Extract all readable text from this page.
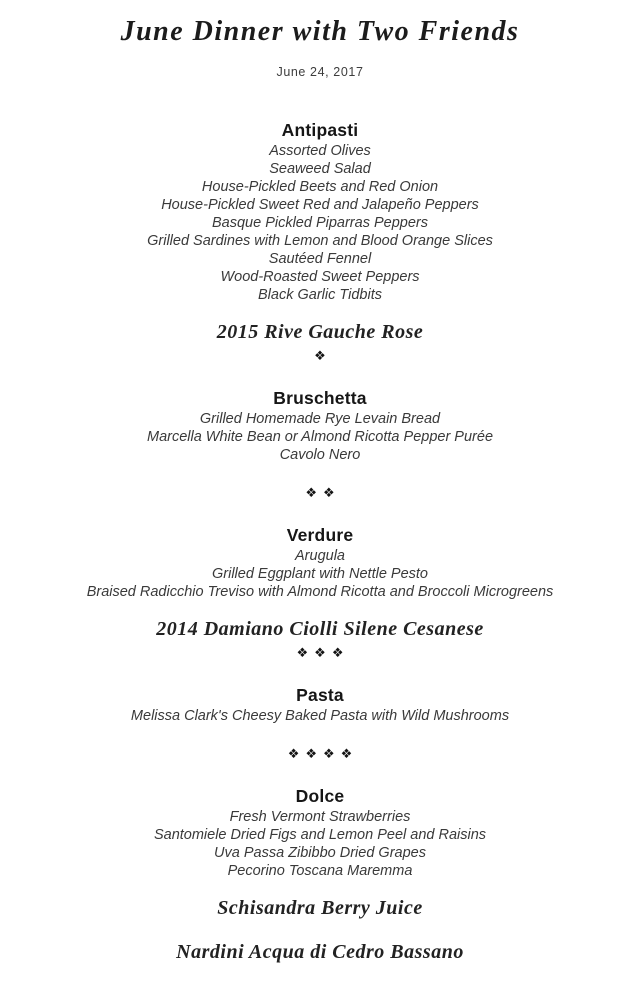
June Dinner with Two Friends

June 24, 2017

Antipasti

Assorted Olives

Seaweed Salad

House-Pickled Beets and Red Onion

House-Pickled Sweet Red and Jalapeño Peppers

Basque Pickled Piparras Peppers

Grilled Sardines with Lemon and Blood Orange Slices

Sautéed Fennel

Wood-Roasted Sweet Peppers

Black Garlic Tidbits

2015 Rive Gauche Rose

❖
Bruschetta

Grilled Homemade Rye Levain Bread

Marcella White Bean or Almond Ricotta Pepper Purée

Cavolo Nero

❖❖
Verdure

Arugula

Grilled Eggplant with Nettle Pesto

Braised Radicchio Treviso with Almond Ricotta and Broccoli Microgreens

2014 Damiano Ciolli Silene Cesanese

❖❖❖
Pasta

Melissa Clark's Cheesy Baked Pasta with Wild Mushrooms

❖❖❖❖
Dolce

Fresh Vermont Strawberries

Santomiele Dried Figs and Lemon Peel and Raisins

Uva Passa Zibibbo Dried Grapes

Pecorino Toscana Maremma

Schisandra Berry Juice

Nardini Acqua di Cedro Bassano
